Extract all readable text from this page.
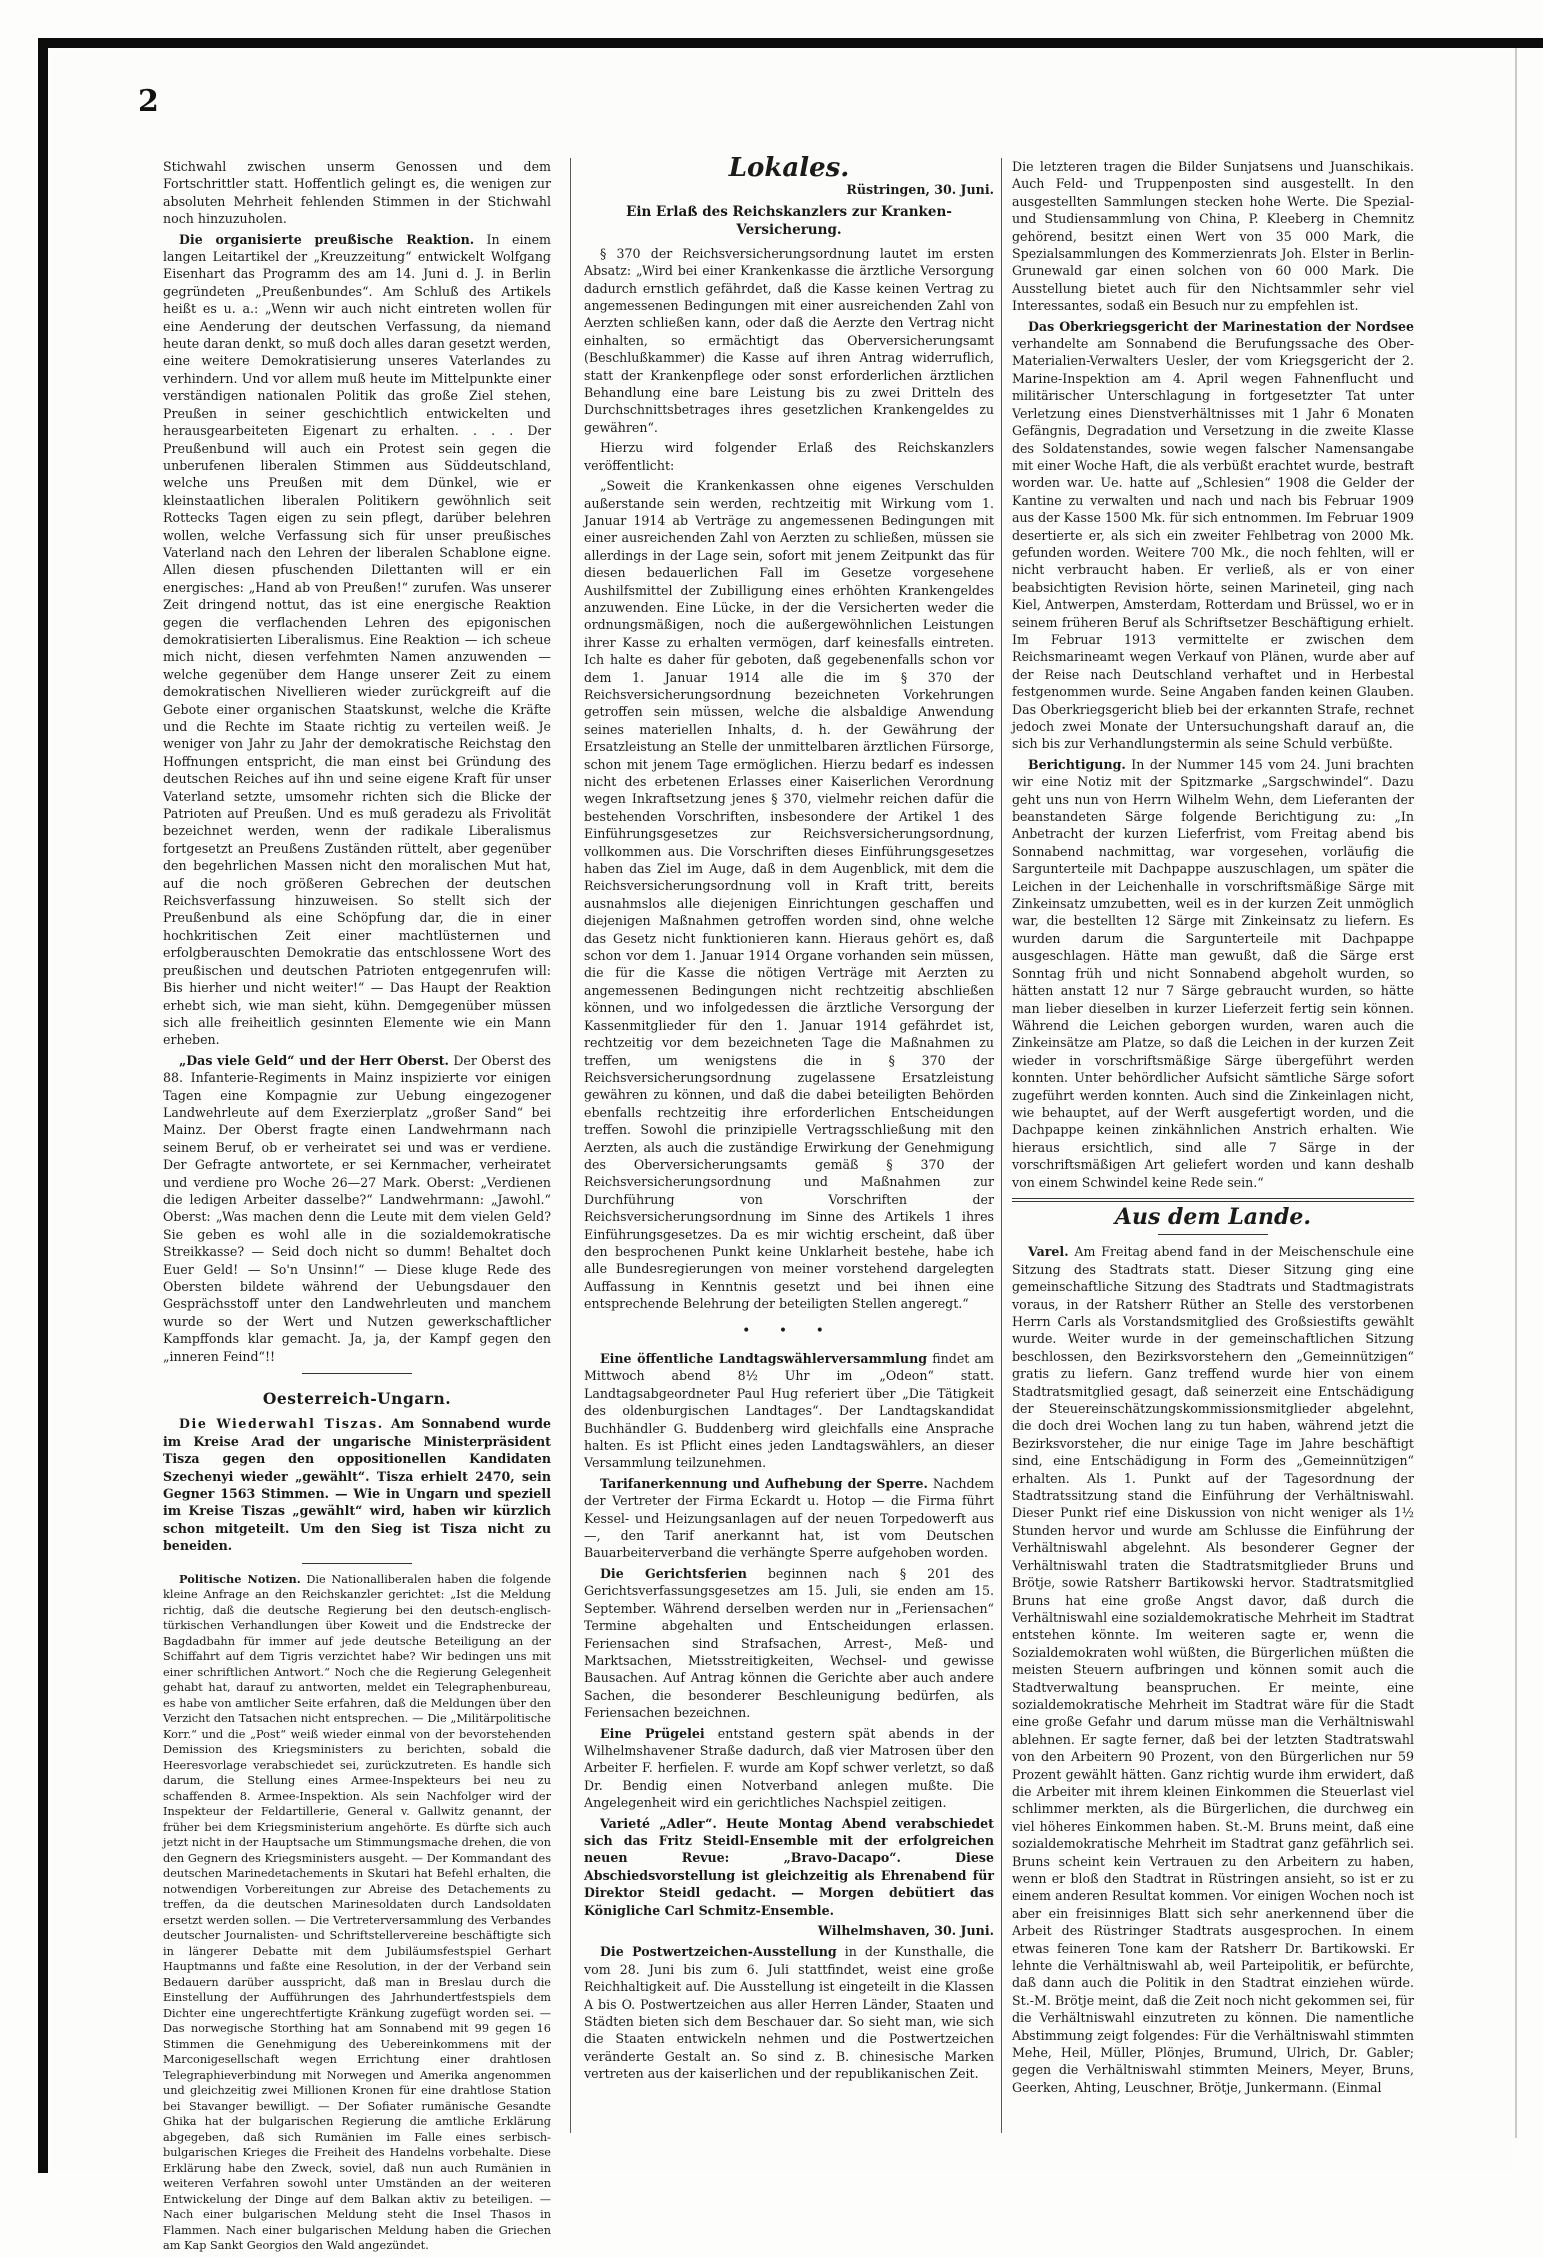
2

Stichwahl zwischen unserm Genossen und dem Fortschrittler statt. Hoffentlich gelingt es, die wenigen zur absoluten Mehrheit fehlenden Stimmen in der Stichwahl noch hinzuzuholen.

Die organisierte preußische Reaktion. In einem langen Leitartikel der „Kreuzzeitung“ entwickelt Wolfgang Eisenhart das Programm des am 14. Juni d. J. in Berlin gegründeten „Preußenbundes“. Am Schluß des Artikels heißt es u. a.: „Wenn wir auch nicht eintreten wollen für eine Aenderung der deutschen Verfassung, da niemand heute daran denkt, so muß doch alles daran gesetzt werden, eine weitere Demokratisierung unseres Vaterlandes zu verhindern. Und vor allem muß heute im Mittelpunkte einer verständigen nationalen Politik das große Ziel stehen, Preußen in seiner geschichtlich entwickelten und herausgearbeiteten Eigenart zu erhalten. . . . Der Preußenbund will auch ein Protest sein gegen die unberufenen liberalen Stimmen aus Süddeutschland, welche uns Preußen mit dem Dünkel, wie er kleinstaatlichen liberalen Politikern gewöhnlich seit Rottecks Tagen eigen zu sein pflegt, darüber belehren wollen, welche Verfassung sich für unser preußisches Vaterland nach den Lehren der liberalen Schablone eigne. Allen diesen pfuschenden Dilettanten will er ein energisches: „Hand ab von Preußen!“ zurufen. Was unserer Zeit dringend nottut, das ist eine energische Reaktion gegen die verflachenden Lehren des epigonischen demokratisierten Liberalismus. Eine Reaktion — ich scheue mich nicht, diesen verfehmten Namen anzuwenden — welche gegenüber dem Hange unserer Zeit zu einem demokratischen Nivellieren wieder zurückgreift auf die Gebote einer organischen Staatskunst, welche die Kräfte und die Rechte im Staate richtig zu verteilen weiß. Je weniger von Jahr zu Jahr der demokratische Reichstag den Hoffnungen entspricht, die man einst bei Gründung des deutschen Reiches auf ihn und seine eigene Kraft für unser Vaterland setzte, umsomehr richten sich die Blicke der Patrioten auf Preußen. Und es muß geradezu als Frivolität bezeichnet werden, wenn der radikale Liberalismus fortgesetzt an Preußens Zuständen rüttelt, aber gegenüber den begehrlichen Massen nicht den moralischen Mut hat, auf die noch größeren Gebrechen der deutschen Reichsverfassung hinzuweisen. So stellt sich der Preußenbund als eine Schöpfung dar, die in einer hochkritischen Zeit einer machtlüsternen und erfolgberauschten Demokratie das entschlossene Wort des preußischen und deutschen Patrioten entgegenrufen will: Bis hierher und nicht weiter!“ — Das Haupt der Reaktion erhebt sich, wie man sieht, kühn. Demgegenüber müssen sich alle freiheitlich gesinnten Elemente wie ein Mann erheben.

„Das viele Geld“ und der Herr Oberst. Der Oberst des 88. Infanterie-Regiments in Mainz inspizierte vor einigen Tagen eine Kompagnie zur Uebung eingezogener Landwehrleute auf dem Exerzierplatz „großer Sand“ bei Mainz. Der Oberst fragte einen Landwehrmann nach seinem Beruf, ob er verheiratet sei und was er verdiene. Der Gefragte antwortete, er sei Kernmacher, verheiratet und verdiene pro Woche 26—27 Mark. Oberst: „Verdienen die ledigen Arbeiter dasselbe?“ Landwehrmann: „Jawohl.“ Oberst: „Was machen denn die Leute mit dem vielen Geld? Sie geben es wohl alle in die sozialdemokratische Streikkasse? — Seid doch nicht so dumm! Behaltet doch Euer Geld! — So'n Unsinn!“ — Diese kluge Rede des Obersten bildete während der Uebungsdauer den Gesprächsstoff unter den Landwehrleuten und manchem wurde so der Wert und Nutzen gewerkschaftlicher Kampffonds klar gemacht. Ja, ja, der Kampf gegen den „inneren Feind“!!

Oesterreich-Ungarn.

Die Wiederwahl Tiszas. Am Sonnabend wurde im Kreise Arad der ungarische Ministerpräsident Tisza gegen den oppositionellen Kandidaten Szechenyi wieder „gewählt“. Tisza erhielt 2470, sein Gegner 1563 Stimmen. — Wie in Ungarn und speziell im Kreise Tiszas „gewählt“ wird, haben wir kürzlich schon mitgeteilt. Um den Sieg ist Tisza nicht zu beneiden.

Politische Notizen. Die Nationalliberalen haben die folgende kleine Anfrage an den Reichskanzler gerichtet: „Ist die Meldung richtig, daß die deutsche Regierung bei den deutsch-englisch-türkischen Verhandlungen über Koweit und die Endstrecke der Bagdadbahn für immer auf jede deutsche Beteiligung an der Schiffahrt auf dem Tigris verzichtet habe? Wir bedingen uns mit einer schriftlichen Antwort.“ Noch che die Regierung Gelegenheit gehabt hat, darauf zu antworten, meldet ein Telegraphenbureau, es habe von amtlicher Seite erfahren, daß die Meldungen über den Verzicht den Tatsachen nicht entsprechen. — Die „Militärpolitische Korr.“ und die „Post“ weiß wieder einmal von der bevorstehenden Demission des Kriegsministers zu berichten, sobald die Heeresvorlage verabschiedet sei, zurückzutreten. Es handle sich darum, die Stellung eines Armee-Inspekteurs bei neu zu schaffenden 8. Armee-Inspektion. Als sein Nachfolger wird der Inspekteur der Feldartillerie, General v. Gallwitz genannt, der früher bei dem Kriegsministerium angehörte. Es dürfte sich auch jetzt nicht in der Hauptsache um Stimmungsmache drehen, die von den Gegnern des Kriegsministers ausgeht. — Der Kommandant des deutschen Marinedetachements in Skutari hat Befehl erhalten, die notwendigen Vorbereitungen zur Abreise des Detachements zu treffen, da die deutschen Marinesoldaten durch Landsoldaten ersetzt werden sollen. — Die Vertreterversammlung des Verbandes deutscher Journalisten- und Schriftstellervereine beschäftigte sich in längerer Debatte mit dem Jubiläumsfestspiel Gerhart Hauptmanns und faßte eine Resolution, in der der Verband sein Bedauern darüber ausspricht, daß man in Breslau durch die Einstellung der Aufführungen des Jahrhundertfestspiels dem Dichter eine ungerechtfertigte Kränkung zugefügt worden sei. — Das norwegische Storthing hat am Sonnabend mit 99 gegen 16 Stimmen die Genehmigung des Uebereinkommens mit der Marconigesellschaft wegen Errichtung einer drahtlosen Telegraphieverbindung mit Norwegen und Amerika angenommen und gleichzeitig zwei Millionen Kronen für eine drahtlose Station bei Stavanger bewilligt. — Der Sofiater rumänische Gesandte Ghika hat der bulgarischen Regierung die amtliche Erklärung abgegeben, daß sich Rumänien im Falle eines serbisch-bulgarischen Krieges die Freiheit des Handelns vorbehalte. Diese Erklärung habe den Zweck, soviel, daß nun auch Rumänien in weiteren Verfahren sowohl unter Umständen an der weiteren Entwickelung der Dinge auf dem Balkan aktiv zu beteiligen. — Nach einer bulgarischen Meldung steht die Insel Thasos in Flammen. Nach einer bulgarischen Meldung haben die Griechen am Kap Sankt Georgios den Wald angezündet.

Lokales.
Rüstringen, 30. Juni.
Ein Erlaß des Reichskanzlers zur Kranken-Versicherung.

§ 370 der Reichsversicherungsordnung lautet im ersten Absatz: „Wird bei einer Krankenkasse die ärztliche Versorgung dadurch ernstlich gefährdet, daß die Kasse keinen Vertrag zu angemessenen Bedingungen mit einer ausreichenden Zahl von Aerzten schließen kann, oder daß die Aerzte den Vertrag nicht einhalten, so ermächtigt das Oberversicherungsamt (Beschlußkammer) die Kasse auf ihren Antrag widerruflich, statt der Krankenpflege oder sonst erforderlichen ärztlichen Behandlung eine bare Leistung bis zu zwei Dritteln des Durchschnittsbetrages ihres gesetzlichen Krankengeldes zu gewähren“.

Hierzu wird folgender Erlaß des Reichskanzlers veröffentlicht:

„Soweit die Krankenkassen ohne eigenes Verschulden außerstande sein werden, rechtzeitig mit Wirkung vom 1. Januar 1914 ab Verträge zu angemessenen Bedingungen mit einer ausreichenden Zahl von Aerzten zu schließen, müssen sie allerdings in der Lage sein, sofort mit jenem Zeitpunkt das für diesen bedauerlichen Fall im Gesetze vorgesehene Aushilfsmittel der Zubilligung eines erhöhten Krankengeldes anzuwenden. Eine Lücke, in der die Versicherten weder die ordnungsmäßigen, noch die außergewöhnlichen Leistungen ihrer Kasse zu erhalten vermögen, darf keinesfalls eintreten. Ich halte es daher für geboten, daß gegebenenfalls schon vor dem 1. Januar 1914 alle die im § 370 der Reichsversicherungsordnung bezeichneten Vorkehrungen getroffen sein müssen, welche die alsbaldige Anwendung seines materiellen Inhalts, d. h. der Gewährung der Ersatzleistung an Stelle der unmittelbaren ärztlichen Fürsorge, schon mit jenem Tage ermöglichen. Hierzu bedarf es indessen nicht des erbetenen Erlasses einer Kaiserlichen Verordnung wegen Inkraftsetzung jenes § 370, vielmehr reichen dafür die bestehenden Vorschriften, insbesondere der Artikel 1 des Einführungsgesetzes zur Reichsversicherungsordnung, vollkommen aus. Die Vorschriften dieses Einführungsgesetzes haben das Ziel im Auge, daß in dem Augenblick, mit dem die Reichsversicherungsordnung voll in Kraft tritt, bereits ausnahmslos alle diejenigen Einrichtungen geschaffen und diejenigen Maßnahmen getroffen worden sind, ohne welche das Gesetz nicht funktionieren kann. Hieraus gehört es, daß schon vor dem 1. Januar 1914 Organe vorhanden sein müssen, die für die Kasse die nötigen Verträge mit Aerzten zu angemessenen Bedingungen nicht rechtzeitig abschließen können, und wo infolgedessen die ärztliche Versorgung der Kassenmitglieder für den 1. Januar 1914 gefährdet ist, rechtzeitig vor dem bezeichneten Tage die Maßnahmen zu treffen, um wenigstens die in § 370 der Reichsversicherungsordnung zugelassene Ersatzleistung gewähren zu können, und daß die dabei beteiligten Behörden ebenfalls rechtzeitig ihre erforderlichen Entscheidungen treffen. Sowohl die prinzipielle Vertragsschließung mit den Aerzten, als auch die zuständige Erwirkung der Genehmigung des Oberversicherungsamts gemäß § 370 der Reichsversicherungsordnung und Maßnahmen zur Durchführung von Vorschriften der Reichsversicherungsordnung im Sinne des Artikels 1 ihres Einführungsgesetzes. Da es mir wichtig erscheint, daß über den besprochenen Punkt keine Unklarheit bestehe, habe ich alle Bundesregierungen von meiner vorstehend dargelegten Auffassung in Kenntnis gesetzt und bei ihnen eine entsprechende Belehrung der beteiligten Stellen angeregt.“

• • •

Eine öffentliche Landtagswählerversammlung findet am Mittwoch abend 8½ Uhr im „Odeon“ statt. Landtagsabgeordneter Paul Hug referiert über „Die Tätigkeit des oldenburgischen Landtages“. Der Landtagskandidat Buchhändler G. Buddenberg wird gleichfalls eine Ansprache halten. Es ist Pflicht eines jeden Landtagswählers, an dieser Versammlung teilzunehmen.

Tarifanerkennung und Aufhebung der Sperre. Nachdem der Vertreter der Firma Eckardt u. Hotop — die Firma führt Kessel- und Heizungsanlagen auf der neuen Torpedowerft aus —, den Tarif anerkannt hat, ist vom Deutschen Bauarbeiterverband die verhängte Sperre aufgehoben worden.

Die Gerichtsferien beginnen nach § 201 des Gerichtsverfassungsgesetzes am 15. Juli, sie enden am 15. September. Während derselben werden nur in „Feriensachen“ Termine abgehalten und Entscheidungen erlassen. Feriensachen sind Strafsachen, Arrest-, Meß- und Marktsachen, Mietsstreitigkeiten, Wechsel- und gewisse Bausachen. Auf Antrag können die Gerichte aber auch andere Sachen, die besonderer Beschleunigung bedürfen, als Feriensachen bezeichnen.

Eine Prügelei entstand gestern spät abends in der Wilhelmshavener Straße dadurch, daß vier Matrosen über den Arbeiter F. herfielen. F. wurde am Kopf schwer verletzt, so daß Dr. Bendig einen Notverband anlegen mußte. Die Angelegenheit wird ein gerichtliches Nachspiel zeitigen.

Varieté „Adler“. Heute Montag Abend verabschiedet sich das Fritz Steidl-Ensemble mit der erfolgreichen neuen Revue: „Bravo-Dacapo“. Diese Abschiedsvorstellung ist gleichzeitig als Ehrenabend für Direktor Steidl gedacht. — Morgen debütiert das Königliche Carl Schmitz-Ensemble.

Wilhelmshaven, 30. Juni.

Die Postwertzeichen-Ausstellung in der Kunsthalle, die vom 28. Juni bis zum 6. Juli stattfindet, weist eine große Reichhaltigkeit auf. Die Ausstellung ist eingeteilt in die Klassen A bis O. Postwertzeichen aus aller Herren Länder, Staaten und Städten bieten sich dem Beschauer dar. So sieht man, wie sich die Staaten entwickeln nehmen und die Postwertzeichen veränderte Gestalt an. So sind z. B. chinesische Marken vertreten aus der kaiserlichen und der republikanischen Zeit.

Die letzteren tragen die Bilder Sunjatsens und Juanschikais. Auch Feld- und Truppenposten sind ausgestellt. In den ausgestellten Sammlungen stecken hohe Werte. Die Spezial- und Studiensammlung von China, P. Kleeberg in Chemnitz gehörend, besitzt einen Wert von 35 000 Mark, die Spezialsammlungen des Kommerzienrats Joh. Elster in Berlin-Grunewald gar einen solchen von 60 000 Mark. Die Ausstellung bietet auch für den Nichtsammler sehr viel Interessantes, sodaß ein Besuch nur zu empfehlen ist.

Das Oberkriegsgericht der Marinestation der Nordsee verhandelte am Sonnabend die Berufungssache des Ober-Materialien-Verwalters Uesler, der vom Kriegsgericht der 2. Marine-Inspektion am 4. April wegen Fahnenflucht und militärischer Unterschlagung in fortgesetzter Tat unter Verletzung eines Dienstverhältnisses mit 1 Jahr 6 Monaten Gefängnis, Degradation und Versetzung in die zweite Klasse des Soldatenstandes, sowie wegen falscher Namensangabe mit einer Woche Haft, die als verbüßt erachtet wurde, bestraft worden war. Ue. hatte auf „Schlesien“ 1908 die Gelder der Kantine zu verwalten und nach und nach bis Februar 1909 aus der Kasse 1500 Mk. für sich entnommen. Im Februar 1909 desertierte er, als sich ein zweiter Fehlbetrag von 2000 Mk. gefunden worden. Weitere 700 Mk., die noch fehlten, will er nicht verbraucht haben. Er verließ, als er von einer beabsichtigten Revision hörte, seinen Marineteil, ging nach Kiel, Antwerpen, Amsterdam, Rotterdam und Brüssel, wo er in seinem früheren Beruf als Schriftsetzer Beschäftigung erhielt. Im Februar 1913 vermittelte er zwischen dem Reichsmarineamt wegen Verkauf von Plänen, wurde aber auf der Reise nach Deutschland verhaftet und in Herbestal festgenommen wurde. Seine Angaben fanden keinen Glauben. Das Oberkriegsgericht blieb bei der erkannten Strafe, rechnet jedoch zwei Monate der Untersuchungshaft darauf an, die sich bis zur Verhandlungstermin als seine Schuld verbüßte.

Berichtigung. In der Nummer 145 vom 24. Juni brachten wir eine Notiz mit der Spitzmarke „Sargschwindel“. Dazu geht uns nun von Herrn Wilhelm Wehn, dem Lieferanten der beanstandeten Särge folgende Berichtigung zu: „In Anbetracht der kurzen Lieferfrist, vom Freitag abend bis Sonnabend nachmittag, war vorgesehen, vorläufig die Sargunterteile mit Dachpappe auszuschlagen, um später die Leichen in der Leichenhalle in vorschriftsmäßige Särge mit Zinkeinsatz umzubetten, weil es in der kurzen Zeit unmöglich war, die bestellten 12 Särge mit Zinkeinsatz zu liefern. Es wurden darum die Sargunterteile mit Dachpappe ausgeschlagen. Hätte man gewußt, daß die Särge erst Sonntag früh und nicht Sonnabend abgeholt wurden, so hätten anstatt 12 nur 7 Särge gebraucht wurden, so hätte man lieber dieselben in kurzer Lieferzeit fertig sein können. Während die Leichen geborgen wurden, waren auch die Zinkeinsätze am Platze, so daß die Leichen in der kurzen Zeit wieder in vorschriftsmäßige Särge übergeführt werden konnten. Unter behördlicher Aufsicht sämtliche Särge sofort zugeführt werden konnten. Auch sind die Zinkeinlagen nicht, wie behauptet, auf der Werft ausgefertigt worden, und die Dachpappe keinen zinkähnlichen Anstrich erhalten. Wie hieraus ersichtlich, sind alle 7 Särge in der vorschriftsmäßigen Art geliefert worden und kann deshalb von einem Schwindel keine Rede sein.“

Aus dem Lande.

Varel. Am Freitag abend fand in der Meischenschule eine Sitzung des Stadtrats statt. Dieser Sitzung ging eine gemeinschaftliche Sitzung des Stadtrats und Stadtmagistrats voraus, in der Ratsherr Rüther an Stelle des verstorbenen Herrn Carls als Vorstandsmitglied des Großsiestifts gewählt wurde. Weiter wurde in der gemeinschaftlichen Sitzung beschlossen, den Bezirksvorstehern den „Gemeinnützigen“ gratis zu liefern. Ganz treffend wurde hier von einem Stadtratsmitglied gesagt, daß seinerzeit eine Entschädigung der Steuereinschätzungskommissionsmitglieder abgelehnt, die doch drei Wochen lang zu tun haben, während jetzt die Bezirksvorsteher, die nur einige Tage im Jahre beschäftigt sind, eine Entschädigung in Form des „Gemeinnützigen“ erhalten. Als 1. Punkt auf der Tagesordnung der Stadtratssitzung stand die Einführung der Verhältniswahl. Dieser Punkt rief eine Diskussion von nicht weniger als 1½ Stunden hervor und wurde am Schlusse die Einführung der Verhältniswahl abgelehnt. Als besonderer Gegner der Verhältniswahl traten die Stadtratsmitglieder Bruns und Brötje, sowie Ratsherr Bartikowski hervor. Stadtratsmitglied Bruns hat eine große Angst davor, daß durch die Verhältniswahl eine sozialdemokratische Mehrheit im Stadtrat entstehen könnte. Im weiteren sagte er, wenn die Sozialdemokraten wohl wüßten, die Bürgerlichen müßten die meisten Steuern aufbringen und können somit auch die Stadtverwaltung beanspruchen. Er meinte, eine sozialdemokratische Mehrheit im Stadtrat wäre für die Stadt eine große Gefahr und darum müsse man die Verhältniswahl ablehnen. Er sagte ferner, daß bei der letzten Stadtratswahl von den Arbeitern 90 Prozent, von den Bürgerlichen nur 59 Prozent gewählt hätten. Ganz richtig wurde ihm erwidert, daß die Arbeiter mit ihrem kleinen Einkommen die Steuerlast viel schlimmer merkten, als die Bürgerlichen, die durchweg ein viel höheres Einkommen haben. St.-M. Bruns meint, daß eine sozialdemokratische Mehrheit im Stadtrat ganz gefährlich sei. Bruns scheint kein Vertrauen zu den Arbeitern zu haben, wenn er bloß den Stadtrat in Rüstringen ansieht, so ist er zu einem anderen Resultat kommen. Vor einigen Wochen noch ist aber ein freisinniges Blatt sich sehr anerkennend über die Arbeit des Rüstringer Stadtrats ausgesprochen. In einem etwas feineren Tone kam der Ratsherr Dr. Bartikowski. Er lehnte die Verhältniswahl ab, weil Parteipolitik, er befürchte, daß dann auch die Politik in den Stadtrat einziehen würde. St.-M. Brötje meint, daß die Zeit noch nicht gekommen sei, für die Verhältniswahl einzutreten zu können. Die namentliche Abstimmung zeigt folgendes: Für die Verhältniswahl stimmten Mehe, Heil, Müller, Plönjes, Brumund, Ulrich, Dr. Gabler; gegen die Verhältniswahl stimmten Meiners, Meyer, Bruns, Geerken, Ahting, Leuschner, Brötje, Junkermann. (Einmal
